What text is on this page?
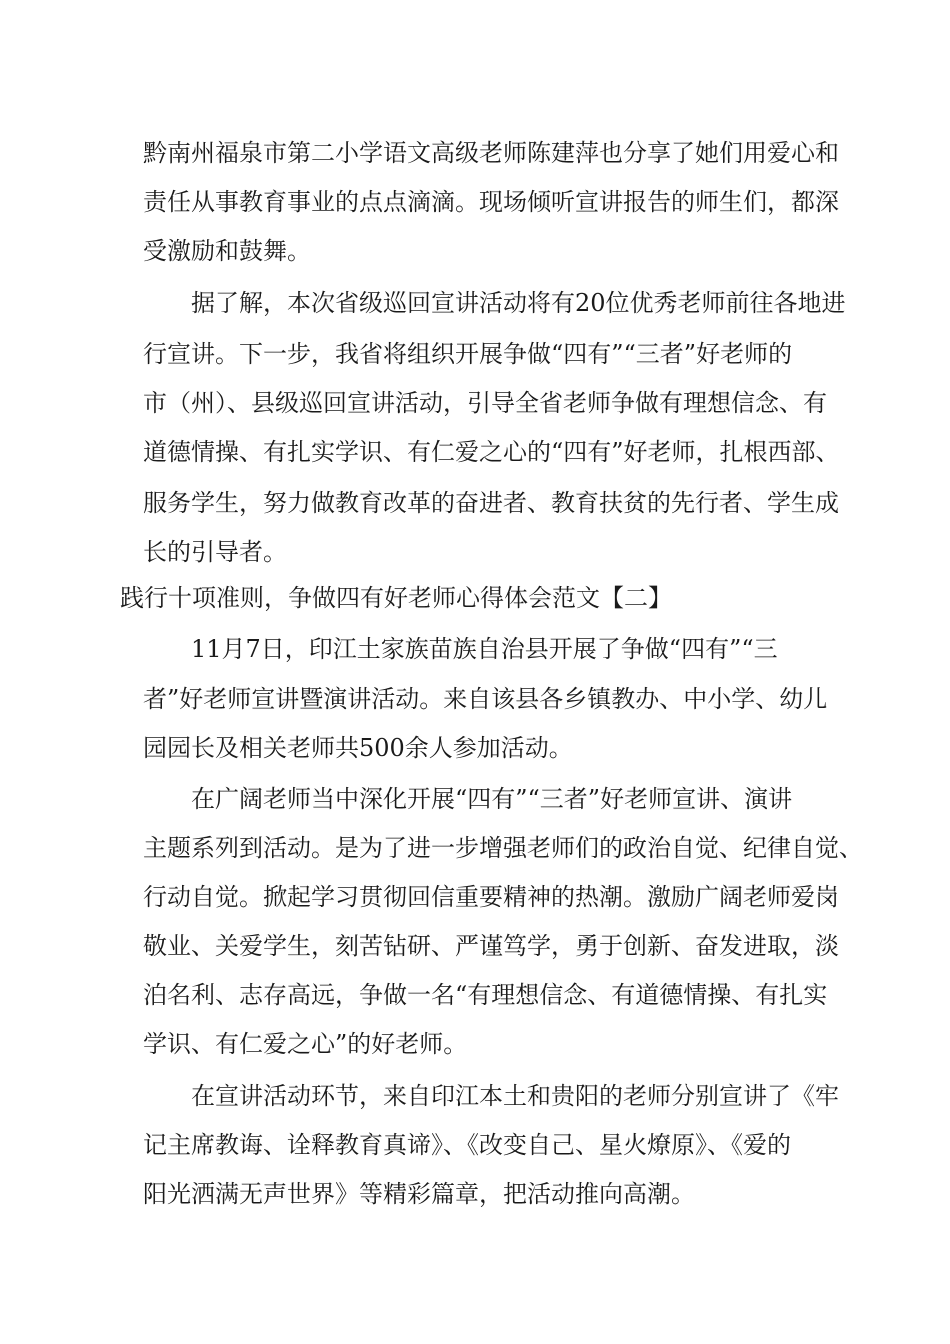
黔南州福泉市第二小学语文高级老师陈建萍也分享了她们用爱心和
责任从事教育事业的点点滴滴。现场倾听宣讲报告的师生们，都深
受激励和鼓舞。
据了解，本次省级巡回宣讲活动将有20位优秀老师前往各地进
行宣讲。下一步，我省将组织开展争做“四有”“三者”好老师的
市（州）、县级巡回宣讲活动，引导全省老师争做有理想信念、有
道德情操、有扎实学识、有仁爱之心的“四有”好老师，扎根西部、
服务学生，努力做教育改革的奋进者、教育扶贫的先行者、学生成
长的引导者。
践行十项准则，争做四有好老师心得体会范文【二】
11月7日，印江土家族苗族自治县开展了争做“四有”“三
者”好老师宣讲暨演讲活动。来自该县各乡镇教办、中小学、幼儿
园园长及相关老师共500余人参加活动。
在广阔老师当中深化开展“四有”“三者”好老师宣讲、演讲
主题系列到活动。是为了进一步增强老师们的政治自觉、纪律自觉、
行动自觉。掀起学习贯彻回信重要精神的热潮。激励广阔老师爱岗
敬业、关爱学生，刻苦钻研、严谨笃学，勇于创新、奋发进取，淡
泊名利、志存高远，争做一名“有理想信念、有道德情操、有扎实
学识、有仁爱之心”的好老师。
在宣讲活动环节，来自印江本土和贵阳的老师分别宣讲了《牢
记主席教诲、诠释教育真谛》、《改变自己、星火燎原》、《爱的
阳光洒满无声世界》等精彩篇章，把活动推向高潮。
